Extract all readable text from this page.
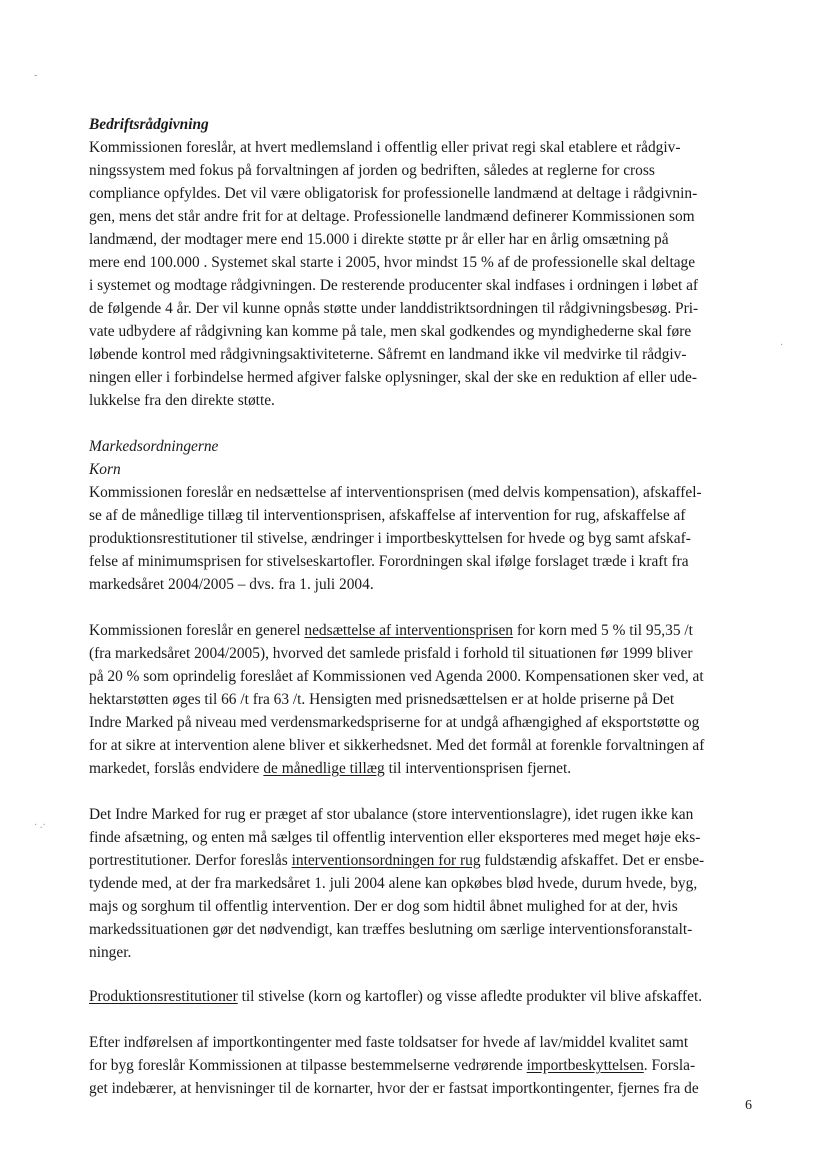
-
· .·
·
Bedriftsrådgivning
Kommissionen foreslår, at hvert medlemsland i offentlig eller privat regi skal etablere et rådgiv-
ningssystem med fokus på forvaltningen af jorden og bedriften, således at reglerne for cross
compliance opfyldes. Det vil være obligatorisk for professionelle landmænd at deltage i rådgivnin-
gen, mens det står andre frit for at deltage. Professionelle landmænd definerer Kommissionen som
landmænd, der modtager mere end 15.000 i direkte støtte pr år eller har en årlig omsætning på
mere end 100.000 . Systemet skal starte i 2005, hvor mindst 15 % af de professionelle skal deltage
i systemet og modtage rådgivningen. De resterende producenter skal indfases i ordningen i løbet af
de følgende 4 år. Der vil kunne opnås støtte under landdistriktsordningen til rådgivningsbesøg. Pri-
vate udbydere af rådgivning kan komme på tale, men skal godkendes og myndighederne skal føre
løbende kontrol med rådgivningsaktiviteterne. Såfremt en landmand ikke vil medvirke til rådgiv-
ningen eller i forbindelse hermed afgiver falske oplysninger, skal der ske en reduktion af eller ude-
lukkelse fra den direkte støtte.
Markedsordningerne
Korn
Kommissionen foreslår en nedsættelse af interventionsprisen (med delvis kompensation), afskaffel-
se af de månedlige tillæg til interventionsprisen, afskaffelse af intervention for rug, afskaffelse af
produktionsrestitutioner til stivelse, ændringer i importbeskyttelsen for hvede og byg samt afskaf-
felse af minimumsprisen for stivelseskartofler. Forordningen skal ifølge forslaget træde i kraft fra
markedsåret 2004/2005 – dvs. fra 1. juli 2004.
Kommissionen foreslår en generel nedsættelse af interventionsprisen for korn med 5 % til 95,35 /t
(fra markedsåret 2004/2005), hvorved det samlede prisfald i forhold til situationen før 1999 bliver
på 20 % som oprindelig foreslået af Kommissionen ved Agenda 2000. Kompensationen sker ved, at
hektarstøtten øges til 66 /t fra 63 /t. Hensigten med prisnedsættelsen er at holde priserne på Det
Indre Marked på niveau med verdensmarkedspriserne for at undgå afhængighed af eksportstøtte og
for at sikre at intervention alene bliver et sikkerhedsnet. Med det formål at forenkle forvaltningen af
markedet, forslås endvidere de månedlige tillæg til interventionsprisen fjernet.
Det Indre Marked for rug er præget af stor ubalance (store interventionslagre), idet rugen ikke kan
finde afsætning, og enten må sælges til offentlig intervention eller eksporteres med meget høje eks-
portrestitutioner. Derfor foreslås interventionsordningen for rug fuldstændig afskaffet. Det er ensbe-
tydende med, at der fra markedsåret 1. juli 2004 alene kan opkøbes blød hvede, durum hvede, byg,
majs og sorghum til offentlig intervention. Der er dog som hidtil åbnet mulighed for at der, hvis
markedssituationen gør det nødvendigt, kan træffes beslutning om særlige interventionsforanstalt-
ninger.
Produktionsrestitutioner til stivelse (korn og kartofler) og visse afledte produkter vil blive afskaffet.
Efter indførelsen af importkontingenter med faste toldsatser for hvede af lav/middel kvalitet samt
for byg foreslår Kommissionen at tilpasse bestemmelserne vedrørende importbeskyttelsen. Forsla-
get indebærer, at henvisninger til de kornarter, hvor der er fastsat importkontingenter, fjernes fra de
6
